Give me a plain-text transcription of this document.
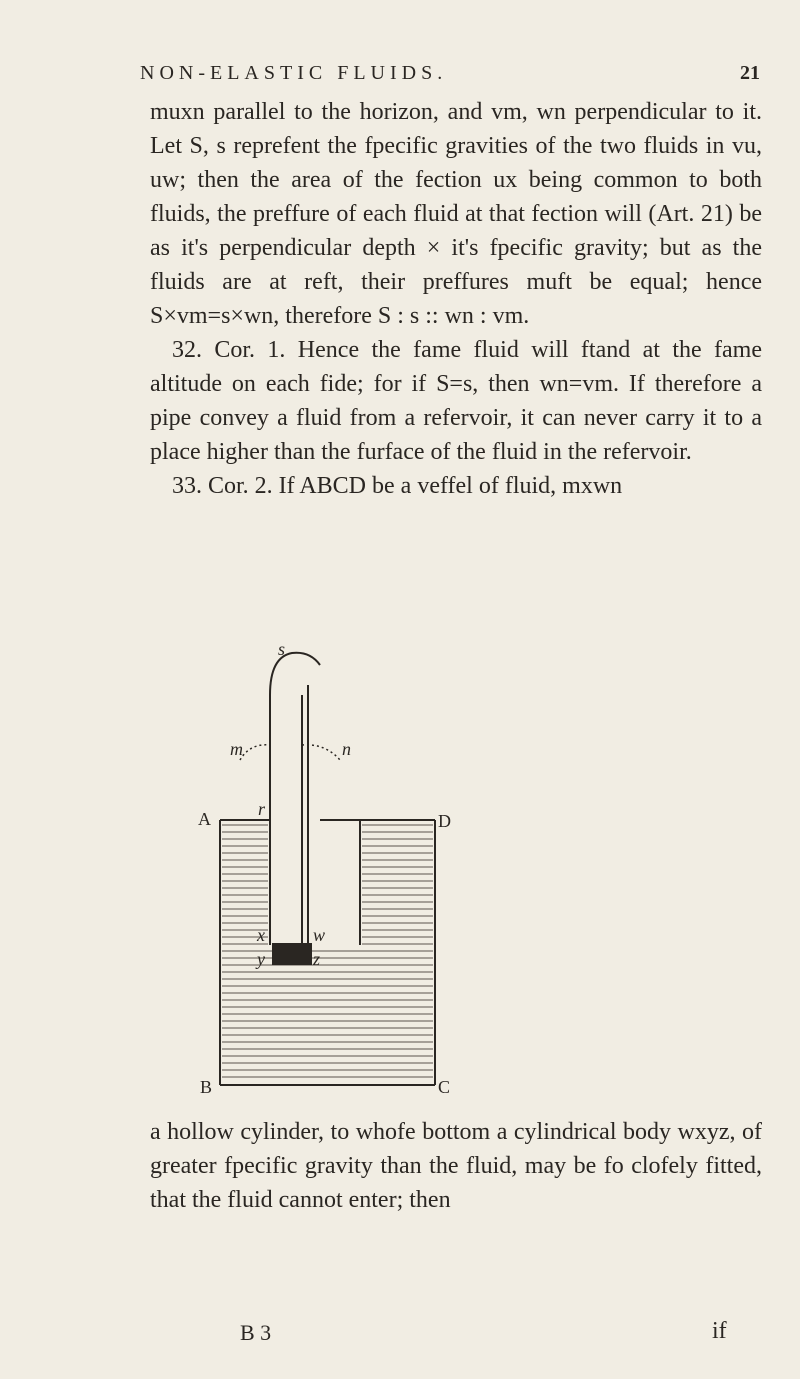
NON-ELASTIC FLUIDS.	21

muxn parallel to the horizon, and vm, wn perpendicular to it. Let S, s reprefent the fpecific gravities of the two fluids in vu, uw; then the area of the fection ux being common to both fluids, the preffure of each fluid at that fection will (Art. 21) be as it's perpendicular depth × it's fpecific gravity; but as the fluids are at reft, their preffures muft be equal; hence S×vm=s×wn, therefore S : s :: wn : vm.

32. Cor. 1. Hence the fame fluid will ftand at the fame altitude on each fide; for if S=s, then wn=vm. If therefore a pipe convey a fluid from a refervoir, it can never carry it to a place higher than the furface of the fluid in the refervoir.

33. Cor. 2. If ABCD be a veffel of fluid, mxwn

s
m	n
r
A	D
x	w
y	z
B	C

a hollow cylinder, to whofe bottom a cylindrical body wxyz, of greater fpecific gravity than the fluid, may be fo clofely fitted, that the fluid cannot enter; then

B 3	if
